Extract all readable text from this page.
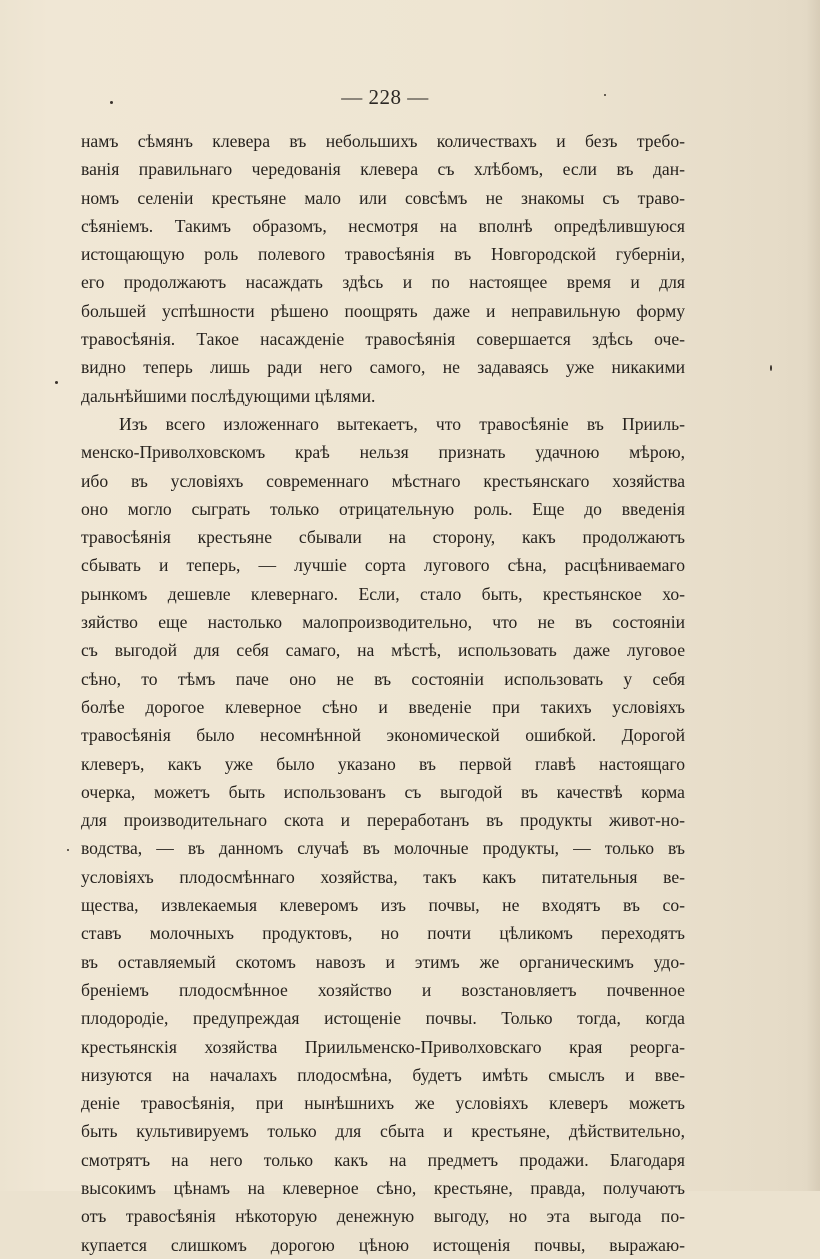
— 228 —
намъ сѣмянъ клевера въ небольшихъ количествахъ и безъ требо-
ванія правильнаго чередованія клевера съ хлѣбомъ, если въ дан-
номъ селеніи крестьяне мало или совсѣмъ не знакомы съ траво-
сѣяніемъ. Такимъ образомъ, несмотря на вполнѣ опредѣлившуюся
истощающую роль полевого травосѣянія въ Новгородской губерніи,
его продолжаютъ насаждать здѣсь и по настоящее время и для
большей успѣшности рѣшено поощрять даже и неправильную форму
травосѣянія. Такое насажденіе травосѣянія совершается здѣсь оче-
видно теперь лишь ради него самого, не задаваясь уже никакими
дальнѣйшими послѣдующими цѣлями.
Изъ всего изложеннаго вытекаетъ, что травосѣяніе въ Прииль-
менско-Приволховскомъ краѣ нельзя признать удачною мѣрою,
ибо въ условіяхъ современнаго мѣстнаго крестьянскаго хозяйства
оно могло сыграть только отрицательную роль. Еще до введенія
травосѣянія крестьяне сбывали на сторону, какъ продолжаютъ
сбывать и теперь, — лучшіе сорта лугового сѣна, расцѣниваемаго
рынкомъ дешевле клевернаго. Если, стало быть, крестьянское хо-
зяйство еще настолько малопроизводительно, что не въ состояніи
съ выгодой для себя самаго, на мѣстѣ, использовать даже луговое
сѣно, то тѣмъ паче оно не въ состояніи использовать у себя
болѣе дорогое клеверное сѣно и введеніе при такихъ условіяхъ
травосѣянія было несомнѣнной экономической ошибкой. Дорогой
клеверъ, какъ уже было указано въ первой главѣ настоящаго
очерка, можетъ быть использованъ съ выгодой въ качествѣ корма
для производительнаго скота и переработанъ въ продукты живот-но-
водства, — въ данномъ случаѣ въ молочные продукты, — только въ
условіяхъ плодосмѣннаго хозяйства, такъ какъ питательныя ве-
щества, извлекаемыя клеверомъ изъ почвы, не входятъ въ со-
ставъ молочныхъ продуктовъ, но почти цѣликомъ переходятъ
въ оставляемый скотомъ навозъ и этимъ же органическимъ удо-
бреніемъ плодосмѣнное хозяйство и возстановляетъ почвенное
плодородіе, предупреждая истощеніе почвы. Только тогда, когда
крестьянскія хозяйства Приильменско-Приволховскаго края реорга-
низуются на началахъ плодосмѣна, будетъ имѣть смыслъ и вве-
деніе травосѣянія, при нынѣшнихъ же условіяхъ клеверъ можетъ
быть культивируемъ только для сбыта и крестьяне, дѣйствительно,
смотрятъ на него только какъ на предметъ продажи. Благодаря
высокимъ цѣнамъ на клеверное сѣно, крестьяне, правда, получаютъ
отъ травосѣянія нѣкоторую денежную выгоду, но эта выгода по-
купается слишкомъ дорогою цѣною истощенія почвы, выражаю-
